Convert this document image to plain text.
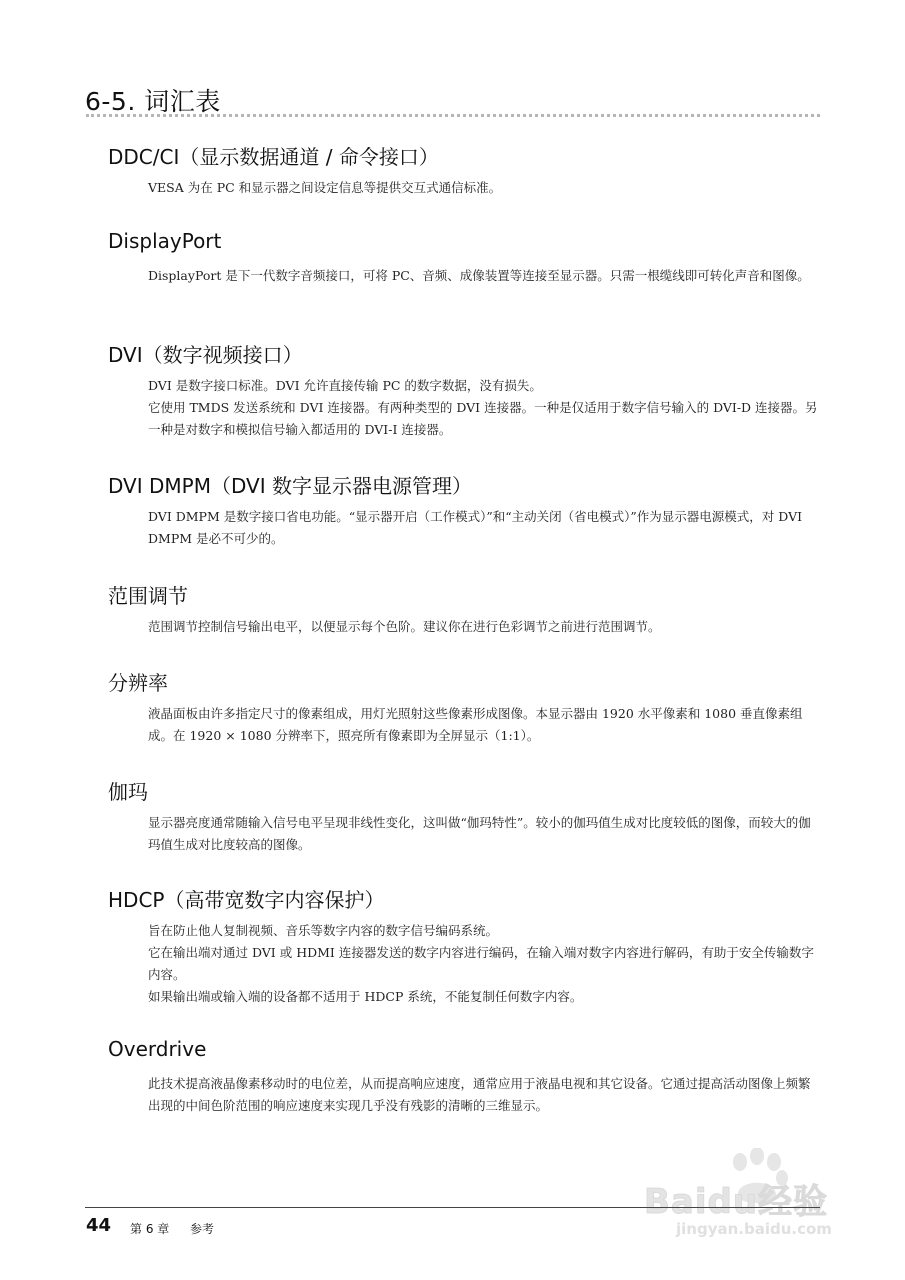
6-5. 词汇表
DDC/CI（显示数据通道 / 命令接口）

VESA 为在 PC 和显示器之间设定信息等提供交互式通信标准。

DisplayPort

DisplayPort 是下一代数字音频接口，可将 PC、音频、成像装置等连接至显示器。只需一根缆线即可转化声音和图像。

DVI（数字视频接口）

DVI 是数字接口标准。DVI 允许直接传输 PC 的数字数据，没有损失。

它使用 TMDS 发送系统和 DVI 连接器。有两种类型的 DVI 连接器。一种是仅适用于数字信号输入的 DVI-D 连接器。另一种是对数字和模拟信号输入都适用的 DVI-I 连接器。

DVI DMPM（DVI 数字显示器电源管理）

DVI DMPM 是数字接口省电功能。“显示器开启（工作模式）”和“主动关闭（省电模式）”作为显示器电源模式，对 DVI DMPM 是必不可少的。

范围调节

范围调节控制信号输出电平，以便显示每个色阶。建议你在进行色彩调节之前进行范围调节。

分辨率

液晶面板由许多指定尺寸的像素组成，用灯光照射这些像素形成图像。本显示器由 1920 水平像素和 1080 垂直像素组成。在 1920 × 1080 分辨率下，照亮所有像素即为全屏显示（1:1）。

伽玛

显示器亮度通常随输入信号电平呈现非线性变化，这叫做“伽玛特性”。较小的伽玛值生成对比度较低的图像，而较大的伽玛值生成对比度较高的图像。

HDCP（高带宽数字内容保护）

旨在防止他人复制视频、音乐等数字内容的数字信号编码系统。

它在输出端对通过 DVI 或 HDMI 连接器发送的数字内容进行编码，在输入端对数字内容进行解码，有助于安全传输数字内容。

如果输出端或输入端的设备都不适用于 HDCP 系统，不能复制任何数字内容。

Overdrive

此技术提高液晶像素移动时的电位差，从而提高响应速度，通常应用于液晶电视和其它设备。它通过提高活动图像上频繁出现的中间色阶范围的响应速度来实现几乎没有残影的清晰的三维显示。

Baidu经验
jingyan.baidu.com
44 第 6 章 参考
